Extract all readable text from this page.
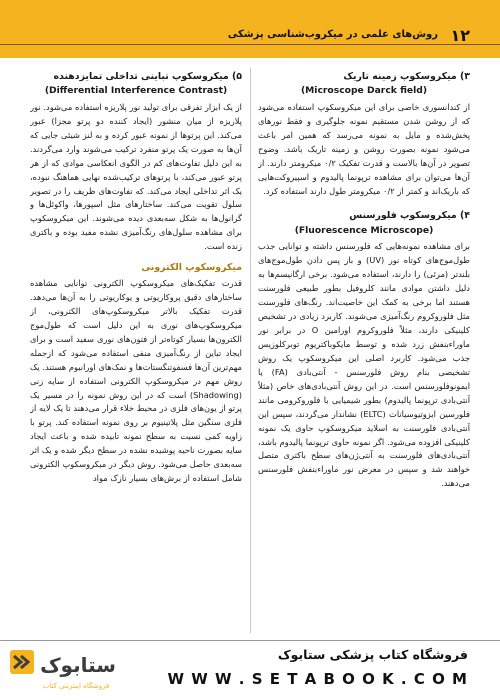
۱۲
روش‌های علمی در میکروب‌شناسی پزشکی

۳) میکروسکوپ زمینه تاریک

(Microscope Darck field)

از کندانسوری خاصی برای این میکروسکوپ استفاده می‌شود که از روشن شدن مستقیم نمونه جلوگیری و فقط نورهای پخش‌شده و مایل به نمونه می‌رسد که همین امر باعث می‌شود نمونه بصورت روشن و زمینه تاریک باشد. وضوح تصویر در آن‌ها بالاست و قدرت تفکیک ۰/۲ میکرومتر دارند. از آن‌ها می‌توان برای مشاهده ترپونما پالیدوم و اسپیروکت‌هایی که باریک‌اند و کمتر از ۰/۲ میکرومتر طول دارند استفاده کرد.

۴) میکروسکوپ فلورسنس

(Fluorescence Microscope)

برای مشاهده نمونه‌هایی که فلورسنس داشته و توانایی جذب طول‌موج‌های کوتاه نور (UV) و باز پس دادن طول‌موج‌های بلندتر (مرئی) را دارند، استفاده می‌شود. برخی ارگانیسم‌ها به دلیل داشتن موادی مانند کلروفیل بطور طبیعی فلورسنت هستند اما برخی به کمک این خاصیت‌اند. رنگ‌های فلورسنت مثل فلوروکروم رنگ‌آمیزی می‌شوند. کاربرد زیادی در تشخیص کلینیکی دارند، مثلاً فلوروکروم اورامین O در برابر نور ماوراءبنفش زرد شده و توسط مایکوباکتریوم توبرکلوزیس جذب می‌شود. کاربرد اصلی این میکروسکوپ یک روش تشخیصی بنام روش فلورسنس - آنتی‌بادی (FA) یا ایمونوفلورسنس است. در این روش آنتی‌بادی‌های خاص (مثلاً آنتی‌بادی ترپونما پالیدوم) بطور شیمیایی با فلوروکرومی مانند فلورسین ایزوتیوسیانات (ELTC) نشاندار می‌گردند، سپس این آنتی‌بادی فلورسنت به اسلاید میکروسکوپ حاوی یک نمونه کلینیکی افزوده می‌شود. اگر نمونه حاوی ترپونما پالیدوم باشد، آنتی‌بادی‌های فلورسنت به آنتی‌ژن‌های سطح باکتری متصل خواهند شد و سپس در معرض نور ماوراءبنفش فلورسنس می‌دهند.

۵) میکروسکوپ تباینی تداخلی تمایزدهنده

(Differential Interference Contrast)

از یک ابزار تفرقی برای تولید نور پلاریزه استفاده می‌شود. نور پلاریزه از میان منشور (ایجاد کننده دو پرتو مجزا) عبور می‌کند. این پرتوها از نمونه عبور کرده و به لنز شیئی جایی که آن‌ها به صورت یک پرتو منفرد ترکیب می‌شوند وارد می‌گردند. به این دلیل تفاوت‌های کم در الگوی انعکاسی موادی که از هر پرتو عبور می‌کند، با پرتوهای ترکیب‌شده نهایی هماهنگ نبوده، یک اثر تداخلی ایجاد می‌کند. که تفاوت‌های ظریف را در تصویر سلول تقویت می‌کند. ساختارهای مثل اسپورها، واکوئل‌ها و گرانول‌ها به شکل سه‌بعدی دیده می‌شوند. این میکروسکوپ برای مشاهده سلول‌های رنگ‌آمیزی نشده مفید بوده و باکتری زنده است.

میکروسکوپ الکترونی

قدرت تفکیک‌های میکروسکوپ الکترونی توانایی مشاهده ساختارهای دقیق پروکاریوتی و یوکاریوتی را به آن‌ها می‌دهد. قدرت تفکیک بالاتر میکروسکوپ‌های الکترونی، از میکروسکوپ‌های نوری به این دلیل است که طول‌موج الکترون‌ها بسیار کوتاه‌تر از فتون‌های نوری سفید است و برای ایجاد تباین از رنگ‌آمیزی منفی استفاده می‌شود که ازجمله مهم‌ترین آن‌ها فسفوتنگستات‌ها و نمک‌های اورانیوم هستند. یک روش مهم در میکروسکوپ الکترونی استفاده از سایه زنی (Shadowing) است که در این روش نمونه را در مسیر یک پرتو از یون‌های فلزی در محیط خلاء قرار می‌دهند تا یک لایه از فلزی سنگین مثل پلاتینیوم بر روی نمونه استقاده کند. پرتو با زاویه کمی نسبت به سطح نمونه تابیده شده و باعث ایجاد سایه بصورت ناحیه پوشیده نشده در سطح دیگر شده و یک اثر سه‌بعدی حاصل می‌شود. روش دیگر در میکروسکوپ الکترونی شامل استفاده از برش‌های بسیار نازک مواد

ستابوک
فروشگاه اینترنتی کتاب
فروشگاه کتاب پزشکی ستابوک
W W W . S E T A B O O K . C O M
